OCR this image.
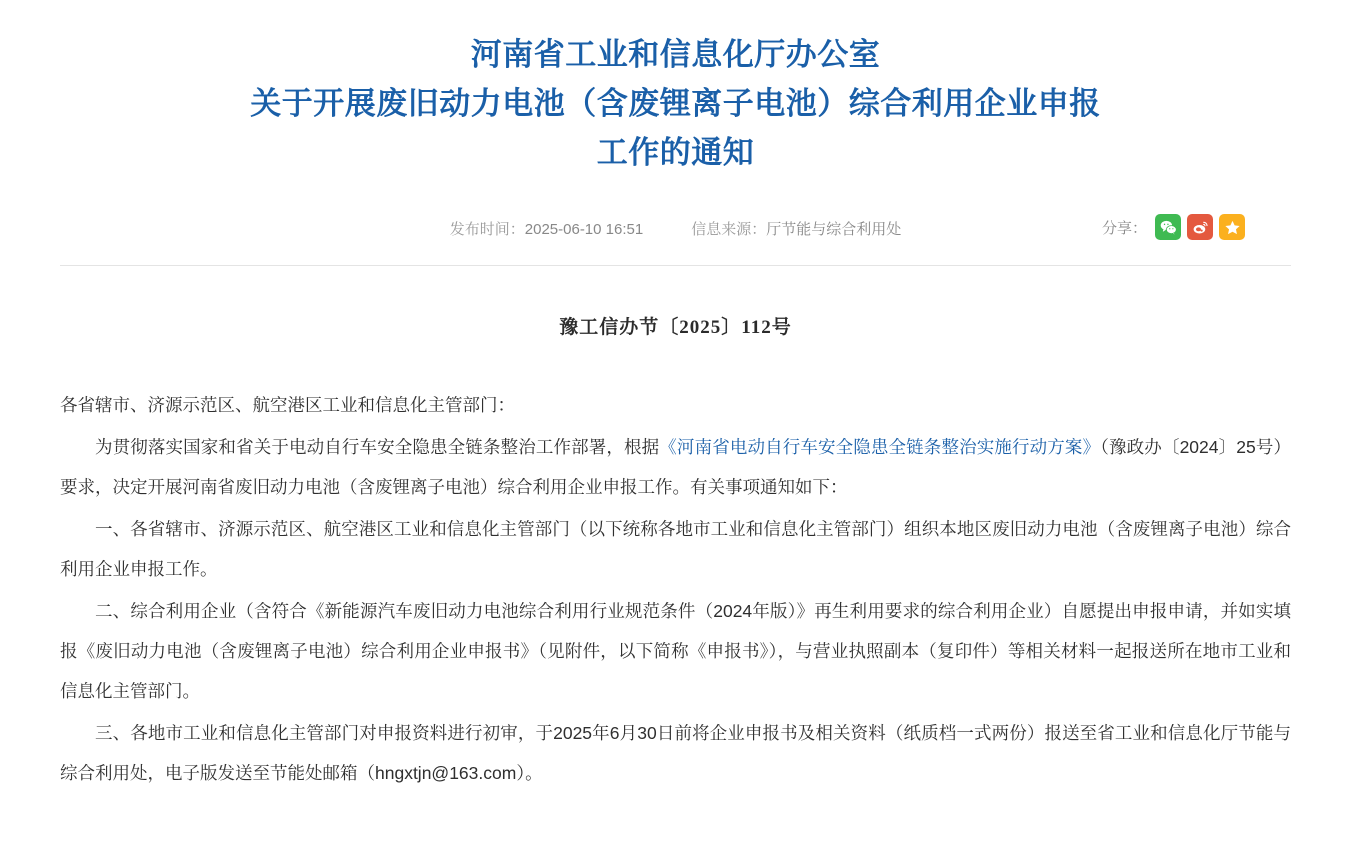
河南省工业和信息化厅办公室
关于开展废旧动力电池（含废锂离子电池）综合利用企业申报
工作的通知
发布时间：2025-06-10 16:51	信息来源：厅节能与综合利用处	分享：
豫工信办节〔2025〕112号

各省辖市、济源示范区、航空港区工业和信息化主管部门：

为贯彻落实国家和省关于电动自行车安全隐患全链条整治工作部署，根据《河南省电动自行车安全隐患全链条整治实施行动方案》（豫政办〔2024〕25号）要求，决定开展河南省废旧动力电池（含废锂离子电池）综合利用企业申报工作。有关事项通知如下：

一、各省辖市、济源示范区、航空港区工业和信息化主管部门（以下统称各地市工业和信息化主管部门）组织本地区废旧动力电池（含废锂离子电池）综合利用企业申报工作。

二、综合利用企业（含符合《新能源汽车废旧动力电池综合利用行业规范条件（2024年版）》再生利用要求的综合利用企业）自愿提出申报申请，并如实填报《废旧动力电池（含废锂离子电池）综合利用企业申报书》（见附件，以下简称《申报书》），与营业执照副本（复印件）等相关材料一起报送所在地市工业和信息化主管部门。

三、各地市工业和信息化主管部门对申报资料进行初审，于2025年6月30日前将企业申报书及相关资料（纸质档一式两份）报送至省工业和信息化厅节能与综合利用处，电子版发送至节能处邮箱（hngxtjn@163.com）。
